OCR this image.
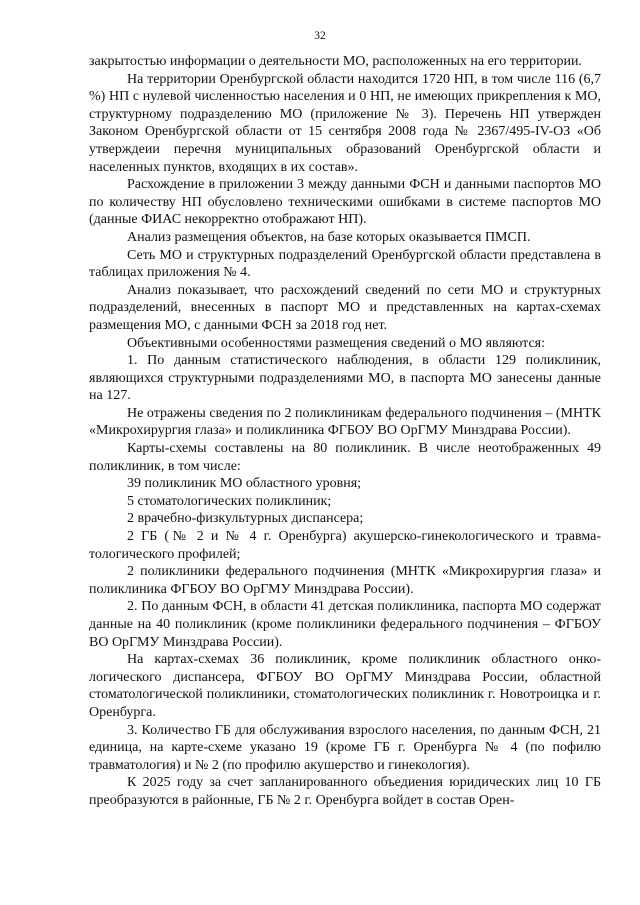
32

закрытостью информации о деятельности МО, расположенных на его территории.

На территории Оренбургской области находится 1720 НП, в том числе 116 (6,7 %) НП с нулевой численностью населения и 0 НП, не имеющих прикрепления к МО, структурному подразделению МО (приложение № 3). Перечень НП утвержден Законом Оренбургской области от 15 сентября 2008 года № 2367/495-IV-ОЗ «Об утверждеии перечня муниципальных образований Оренбургской области и населенных пунктов, входящих в их состав».

Расхождение в приложении 3 между данными ФСН и данными паспортов МО по количеству НП обусловлено техническими ошибками в системе паспортов МО (данные ФИАС некорректно отображают НП).

Анализ размещения объектов, на базе которых оказывается ПМСП.

Сеть МО и структурных подразделений Оренбургской области представлена в таблицах приложения № 4.

Анализ показывает, что расхождений сведений по сети МО и структурных подразделений, внесенных в паспорт МО и представленных на картах-схемах размещения МО, с данными ФСН за 2018 год нет.

Объективными особенностями размещения сведений о МО являются:

1. По данным статистического наблюдения, в области 129 поликлиник, являющихся структурными подразделениями МО, в паспорта МО занесены данные на 127.

Не отражены сведения по 2 поликлиникам федерального подчинения – (МНТК «Микрохирургия глаза» и поликлиника ФГБОУ ВО ОрГМУ Минздрава России).

Карты-схемы составлены на 80 поликлиник. В числе неотображенных 49 поликлиник, в том числе:

39 поликлиник МО областного уровня;

5 стоматологических поликлиник;

2 врачебно-физкультурных диспансера;

2 ГБ (№ 2 и № 4 г. Оренбурга) акушерско-гинекологического и травматологического профилей;

2 поликлиники федерального подчинения (МНТК «Микрохирургия глаза» и поликлиника ФГБОУ ВО ОрГМУ Минздрава России).

2. По данным ФСН, в области 41 детская поликлиника, паспорта МО содержат данные на 40 поликлиник (кроме поликлиники федерального подчинения – ФГБОУ ВО ОрГМУ Минздрава России).

На картах-схемах 36 поликлиник, кроме поликлиник областного онкологического диспансера, ФГБОУ ВО ОрГМУ Минздрава России, областной стоматологической поликлиники, стоматологических поликлиник г. Новотроицка и г. Оренбурга.

3. Количество ГБ для обслуживания взрослого населения, по данным ФСН, 21 единица, на карте-схеме указано 19 (кроме ГБ г. Оренбурга № 4 (по пофилю травматология) и № 2 (по профилю акушерство и гинекология).

К 2025 году за счет запланированного объедиения юридических лиц 10 ГБ преобразуются в районные, ГБ № 2 г. Оренбурга войдет в состав Орен-
